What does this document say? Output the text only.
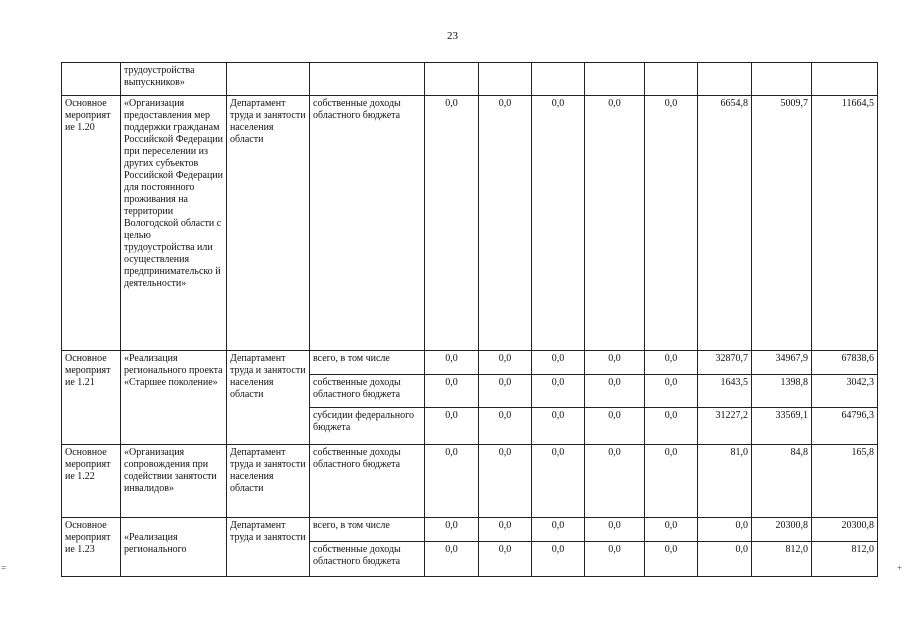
23
	трудоустройства выпускников»										
Основное мероприят ие 1.20	«Организация предоставления мер поддержки гражданам Российской Федерации при переселении из других субъектов Российской Федерации для постоянного проживания на территории Вологодской области с целью трудоустройства или осуществления предпринимательско й деятельности»	Департамент труда и занятости населения области	собственные доходы областного бюджета	0,0	0,0	0,0	0,0	0,0	6654,8	5009,7	11664,5
Основное мероприят ие 1.21	«Реализация регионального проекта «Старшее поколение»	Департамент труда и занятости населения области	всего, в том числе	0,0	0,0	0,0	0,0	0,0	32870,7	34967,9	67838,6
			собственные доходы областного бюджета	0,0	0,0	0,0	0,0	0,0	1643,5	1398,8	3042,3
			субсидии федерального бюджета	0,0	0,0	0,0	0,0	0,0	31227,2	33569,1	64796,3
Основное мероприят ие 1.22	«Организация сопровождения при содействии занятости инвалидов»	Департамент труда и занятости населения области	собственные доходы областного бюджета	0,0	0,0	0,0	0,0	0,0	81,0	84,8	165,8
Основное мероприят ие 1.23	«Реализация регионального	Департамент труда и занятости	всего, в том числе	0,0	0,0	0,0	0,0	0,0	0,0	20300,8	20300,8
			собственные доходы областного бюджета	0,0	0,0	0,0	0,0	0,0	0,0	812,0	812,0
=	+
